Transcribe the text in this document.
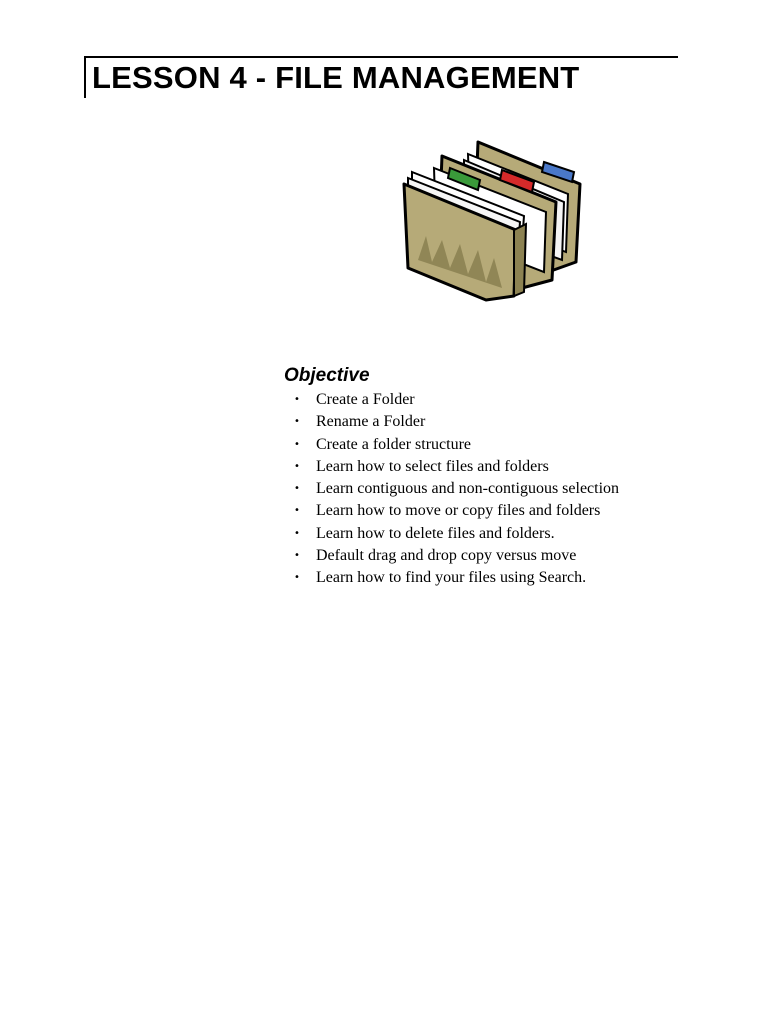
LESSON 4 - FILE MANAGEMENT
Objective
• Create a Folder
• Rename a Folder
• Create a folder structure
• Learn how to select files and folders
• Learn contiguous and non-contiguous selection
• Learn how to move or copy files and folders
• Learn how to delete files and folders.
• Default drag and drop copy versus move
• Learn how to find your files using Search.
